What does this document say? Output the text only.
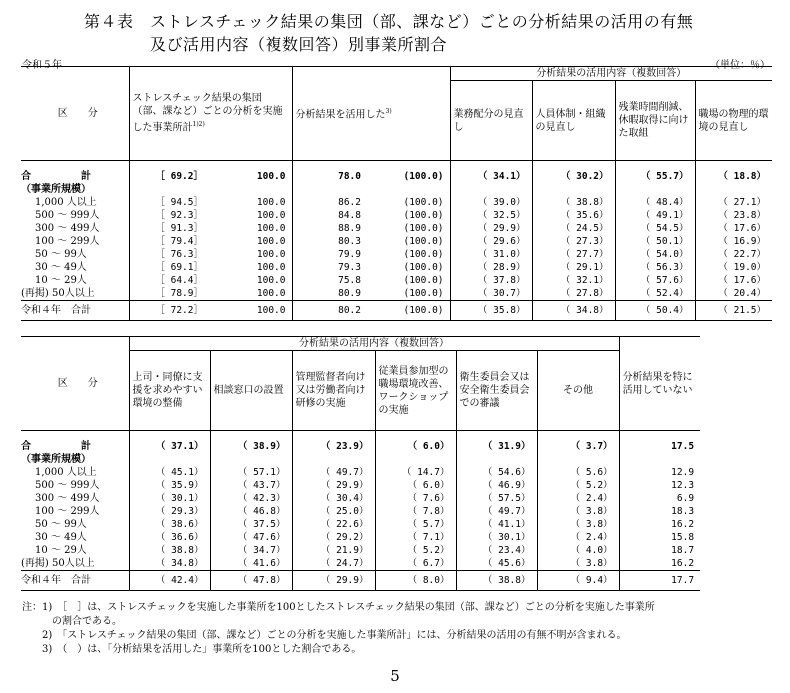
第４表　ストレスチェック結果の集団（部、課など）ごとの分析結果の活用の有無
及び活用内容（複数回答）別事業所割合
令和５年	（単位：％）
区　　分	ストレスチェック結果の集団（部、課など）ごとの分析を実施した事業所計$^{1)2)}$		分析結果を活用した$^{3)}$		分析結果の活用内容（複数回答）			
					業務配分の見直し	人員体制・組織の見直し	残業時間削減、休暇取得に向けた取組	職場の物理的環境の見直し
合　　　　　計	［ 69.2］	100.0	78.0	(100.0)	（ 34.1）	（ 30.2）	（ 55.7）	（ 18.8）
（事業所規模）								
1,000 人以上	［ 94.5］	100.0	86.2	(100.0)	（ 39.0）	（ 38.8）	（ 48.4）	（ 27.1）
500 ～ 999人	［ 92.3］	100.0	84.8	(100.0)	（ 32.5）	（ 35.6）	（ 49.1）	（ 23.8）
300 ～ 499人	［ 91.3］	100.0	88.9	(100.0)	（ 29.9）	（ 24.5）	（ 54.5）	（ 17.6）
100 ～ 299人	［ 79.4］	100.0	80.3	(100.0)	（ 29.6）	（ 27.3）	（ 50.1）	（ 16.9）
50 ～ 99人	［ 76.3］	100.0	79.9	(100.0)	（ 31.0）	（ 27.7）	（ 54.0）	（ 22.7）
30 ～ 49人	［ 69.1］	100.0	79.3	(100.0)	（ 28.9）	（ 29.1）	（ 56.3）	（ 19.0）
10 ～ 29人	［ 64.4］	100.0	75.8	(100.0)	（ 37.8）	（ 32.1）	（ 57.6）	（ 17.6）
(再掲) 50人以上	［ 78.9］	100.0	80.9	(100.0)	（ 30.7）	（ 27.8）	（ 52.4）	（ 20.4）
令和４年　合計	［ 72.2］	100.0	80.2	(100.0)	（ 35.8）	（ 34.8）	（ 50.4）	（ 21.5）
区　　分	分析結果の活用内容（複数回答）						分析結果を特に活用していない
	上司・同僚に支援を求めやすい環境の整備	相談窓口の設置	管理監督者向け又は労働者向け研修の実施	従業員参加型の職場環境改善、ワークショップの実施	衛生委員会又は安全衛生委員会での審議	その他	
合　　　　　計	（ 37.1）	（ 38.9）	（ 23.9）	（ 6.0）	（ 31.9）	（ 3.7）	17.5
（事業所規模）							
1,000 人以上	（ 45.1）	（ 57.1）	（ 49.7）	（ 14.7）	（ 54.6）	（ 5.6）	12.9
500 ～ 999人	（ 35.9）	（ 43.7）	（ 29.9）	（ 6.0）	（ 46.9）	（ 5.2）	12.3
300 ～ 499人	（ 30.1）	（ 42.3）	（ 30.4）	（ 7.6）	（ 57.5）	（ 2.4）	6.9
100 ～ 299人	（ 29.3）	（ 46.8）	（ 25.0）	（ 7.8）	（ 49.7）	（ 3.8）	18.3
50 ～ 99人	（ 38.6）	（ 37.5）	（ 22.6）	（ 5.7）	（ 41.1）	（ 3.8）	16.2
30 ～ 49人	（ 36.6）	（ 47.6）	（ 29.2）	（ 7.1）	（ 30.1）	（ 2.4）	15.8
10 ～ 29人	（ 38.8）	（ 34.7）	（ 21.9）	（ 5.2）	（ 23.4）	（ 4.0）	18.7
(再掲) 50人以上	（ 34.8）	（ 41.6）	（ 24.7）	（ 6.7）	（ 45.6）	（ 3.8）	16.2
令和４年　合計	（ 42.4）	（ 47.8）	（ 29.9）	（ 8.0）	（ 38.8）	（ 9.4）	17.7
注：1)　［　］は、ストレスチェックを実施した事業所を100としたストレスチェック結果の集団（部、課など）ごとの分析を実施した事業所
　　　の割合である。
　　2)　「ストレスチェック結果の集団（部、課など）ごとの分析を実施した事業所計」には、分析結果の活用の有無不明が含まれる。
　　3)　（　）は、「分析結果を活用した」事業所を100とした割合である。
5
